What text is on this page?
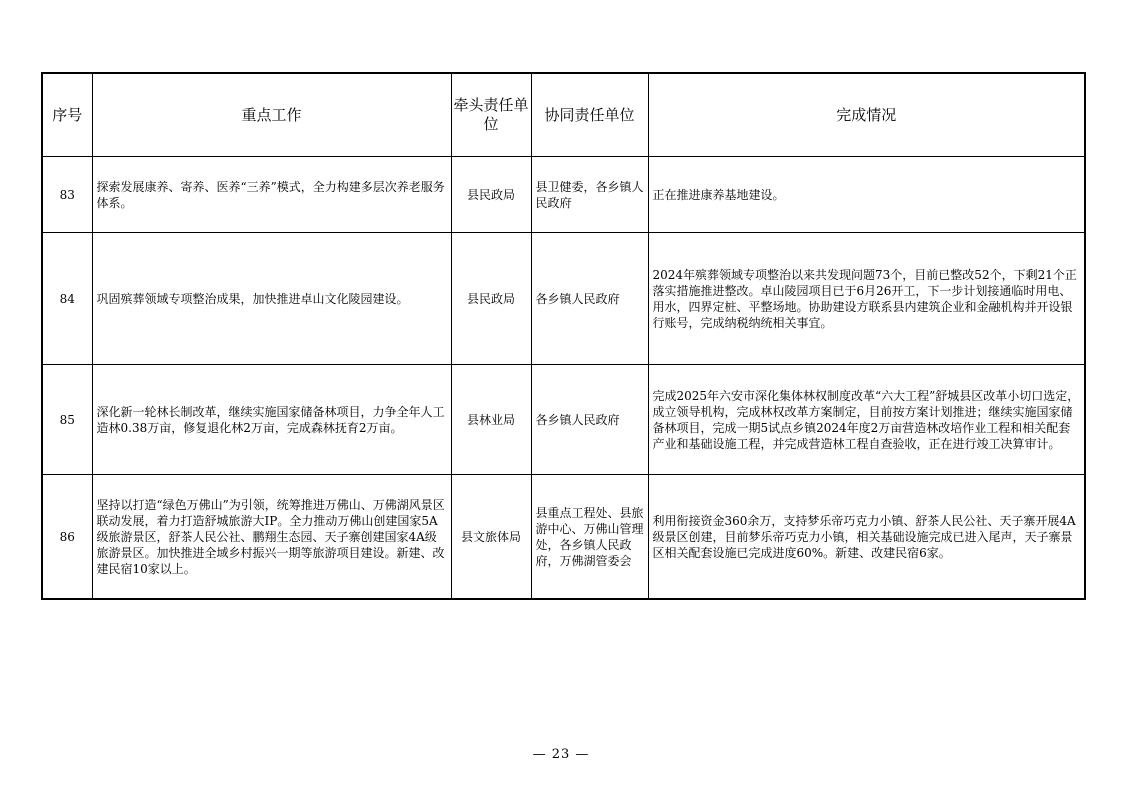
序号	重点工作	牵头责任单位	协同责任单位	完成情况
83	探索发展康养、寄养、医养“三养”模式，全力构建多层次养老服务体系。	县民政局	县卫健委，各乡镇人民政府	正在推进康养基地建设。

84	巩固殡葬领域专项整治成果，加快推进卓山文化陵园建设。	县民政局	各乡镇人民政府	2024年殡葬领域专项整治以来共发现问题73个，目前已整改52个，下剩21个正落实措施推进整改。卓山陵园项目已于6月26开工，下一步计划接通临时用电、用水，四界定桩、平整场地。协助建设方联系县内建筑企业和金融机构并开设银行账号，完成纳税纳统相关事宜。

85	深化新一轮林长制改革，继续实施国家储备林项目，力争全年人工造林0.38万亩，修复退化林2万亩，完成森林抚育2万亩。	县林业局	各乡镇人民政府	完成2025年六安市深化集体林权制度改革“六大工程”舒城县区改革小切口选定，成立领导机构，完成林权改革方案制定，目前按方案计划推进；继续实施国家储备林项目，完成一期5试点乡镇2024年度2万亩营造林改培作业工程和相关配套产业和基础设施工程，并完成营造林工程自查验收，正在进行竣工决算审计。

86	坚持以打造“绿色万佛山”为引领，统筹推进万佛山、万佛湖风景区联动发展，着力打造舒城旅游大IP。全力推动万佛山创建国家5A级旅游景区，舒茶人民公社、鹏翔生态园、天子寨创建国家4A级旅游景区。加快推进全域乡村振兴一期等旅游项目建设。新建、改建民宿10家以上。	县文旅体局	县重点工程处、县旅游中心、万佛山管理处，各乡镇人民政府，万佛湖管委会	利用衔接资金360余万，支持梦乐帝巧克力小镇、舒茶人民公社、天子寨开展4A级景区创建，目前梦乐帝巧克力小镇，相关基础设施完成已进入尾声，天子寨景区相关配套设施已完成进度60%。新建、改建民宿6家。
— 23 —
